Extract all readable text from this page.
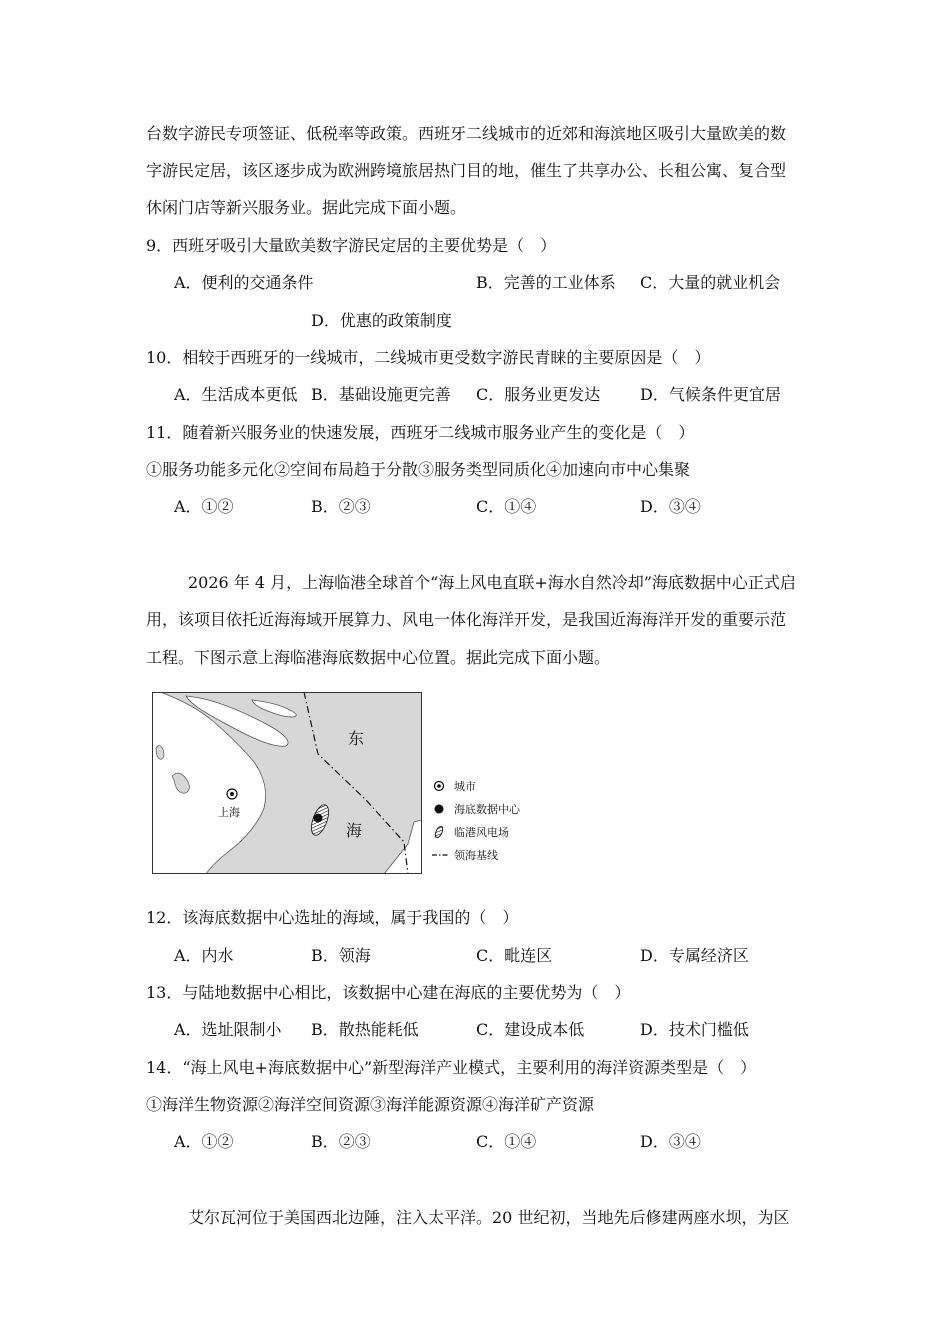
台数字游民专项签证、低税率等政策。西班牙二线城市的近郊和海滨地区吸引大量欧美的数
字游民定居，该区逐步成为欧洲跨境旅居热门目的地，催生了共享办公、长租公寓、复合型
休闲门店等新兴服务业。据此完成下面小题。
9．西班牙吸引大量欧美数字游民定居的主要优势是（　）
A．便利的交通条件	B．完善的工业体系 C．大量的就业机会
D．优惠的政策制度
10．相较于西班牙的一线城市，二线城市更受数字游民青睐的主要原因是（　）
A．生活成本更低 B．基础设施更完善 C．服务业更发达 D．气候条件更宜居
11．随着新兴服务业的快速发展，西班牙二线城市服务业产生的变化是（　）
①服务功能多元化②空间布局趋于分散③服务类型同质化④加速向市中心集聚
A．①②	B．②③	C．①④	D．③④
2026 年 4 月，上海临港全球首个“海上风电直联+海水自然冷却”海底数据中心正式启
用，该项目依托近海海域开展算力、风电一体化海洋开发，是我国近海海洋开发的重要示范
工程。下图示意上海临港海底数据中心位置。据此完成下面小题。
东
海
上海
城市
海底数据中心
临港风电场
领海基线
12．该海底数据中心选址的海域，属于我国的（　）
A．内水	B．领海	C．毗连区	D．专属经济区
13．与陆地数据中心相比，该数据中心建在海底的主要优势为（　）
A．选址限制小 B．散热能耗低	C．建设成本低	D．技术门槛低
14．“海上风电+海底数据中心”新型海洋产业模式，主要利用的海洋资源类型是（　）
①海洋生物资源②海洋空间资源③海洋能源资源④海洋矿产资源
A．①②	B．②③	C．①④	D．③④
艾尔瓦河位于美国西北边陲，注入太平洋。20 世纪初，当地先后修建两座水坝，为区
